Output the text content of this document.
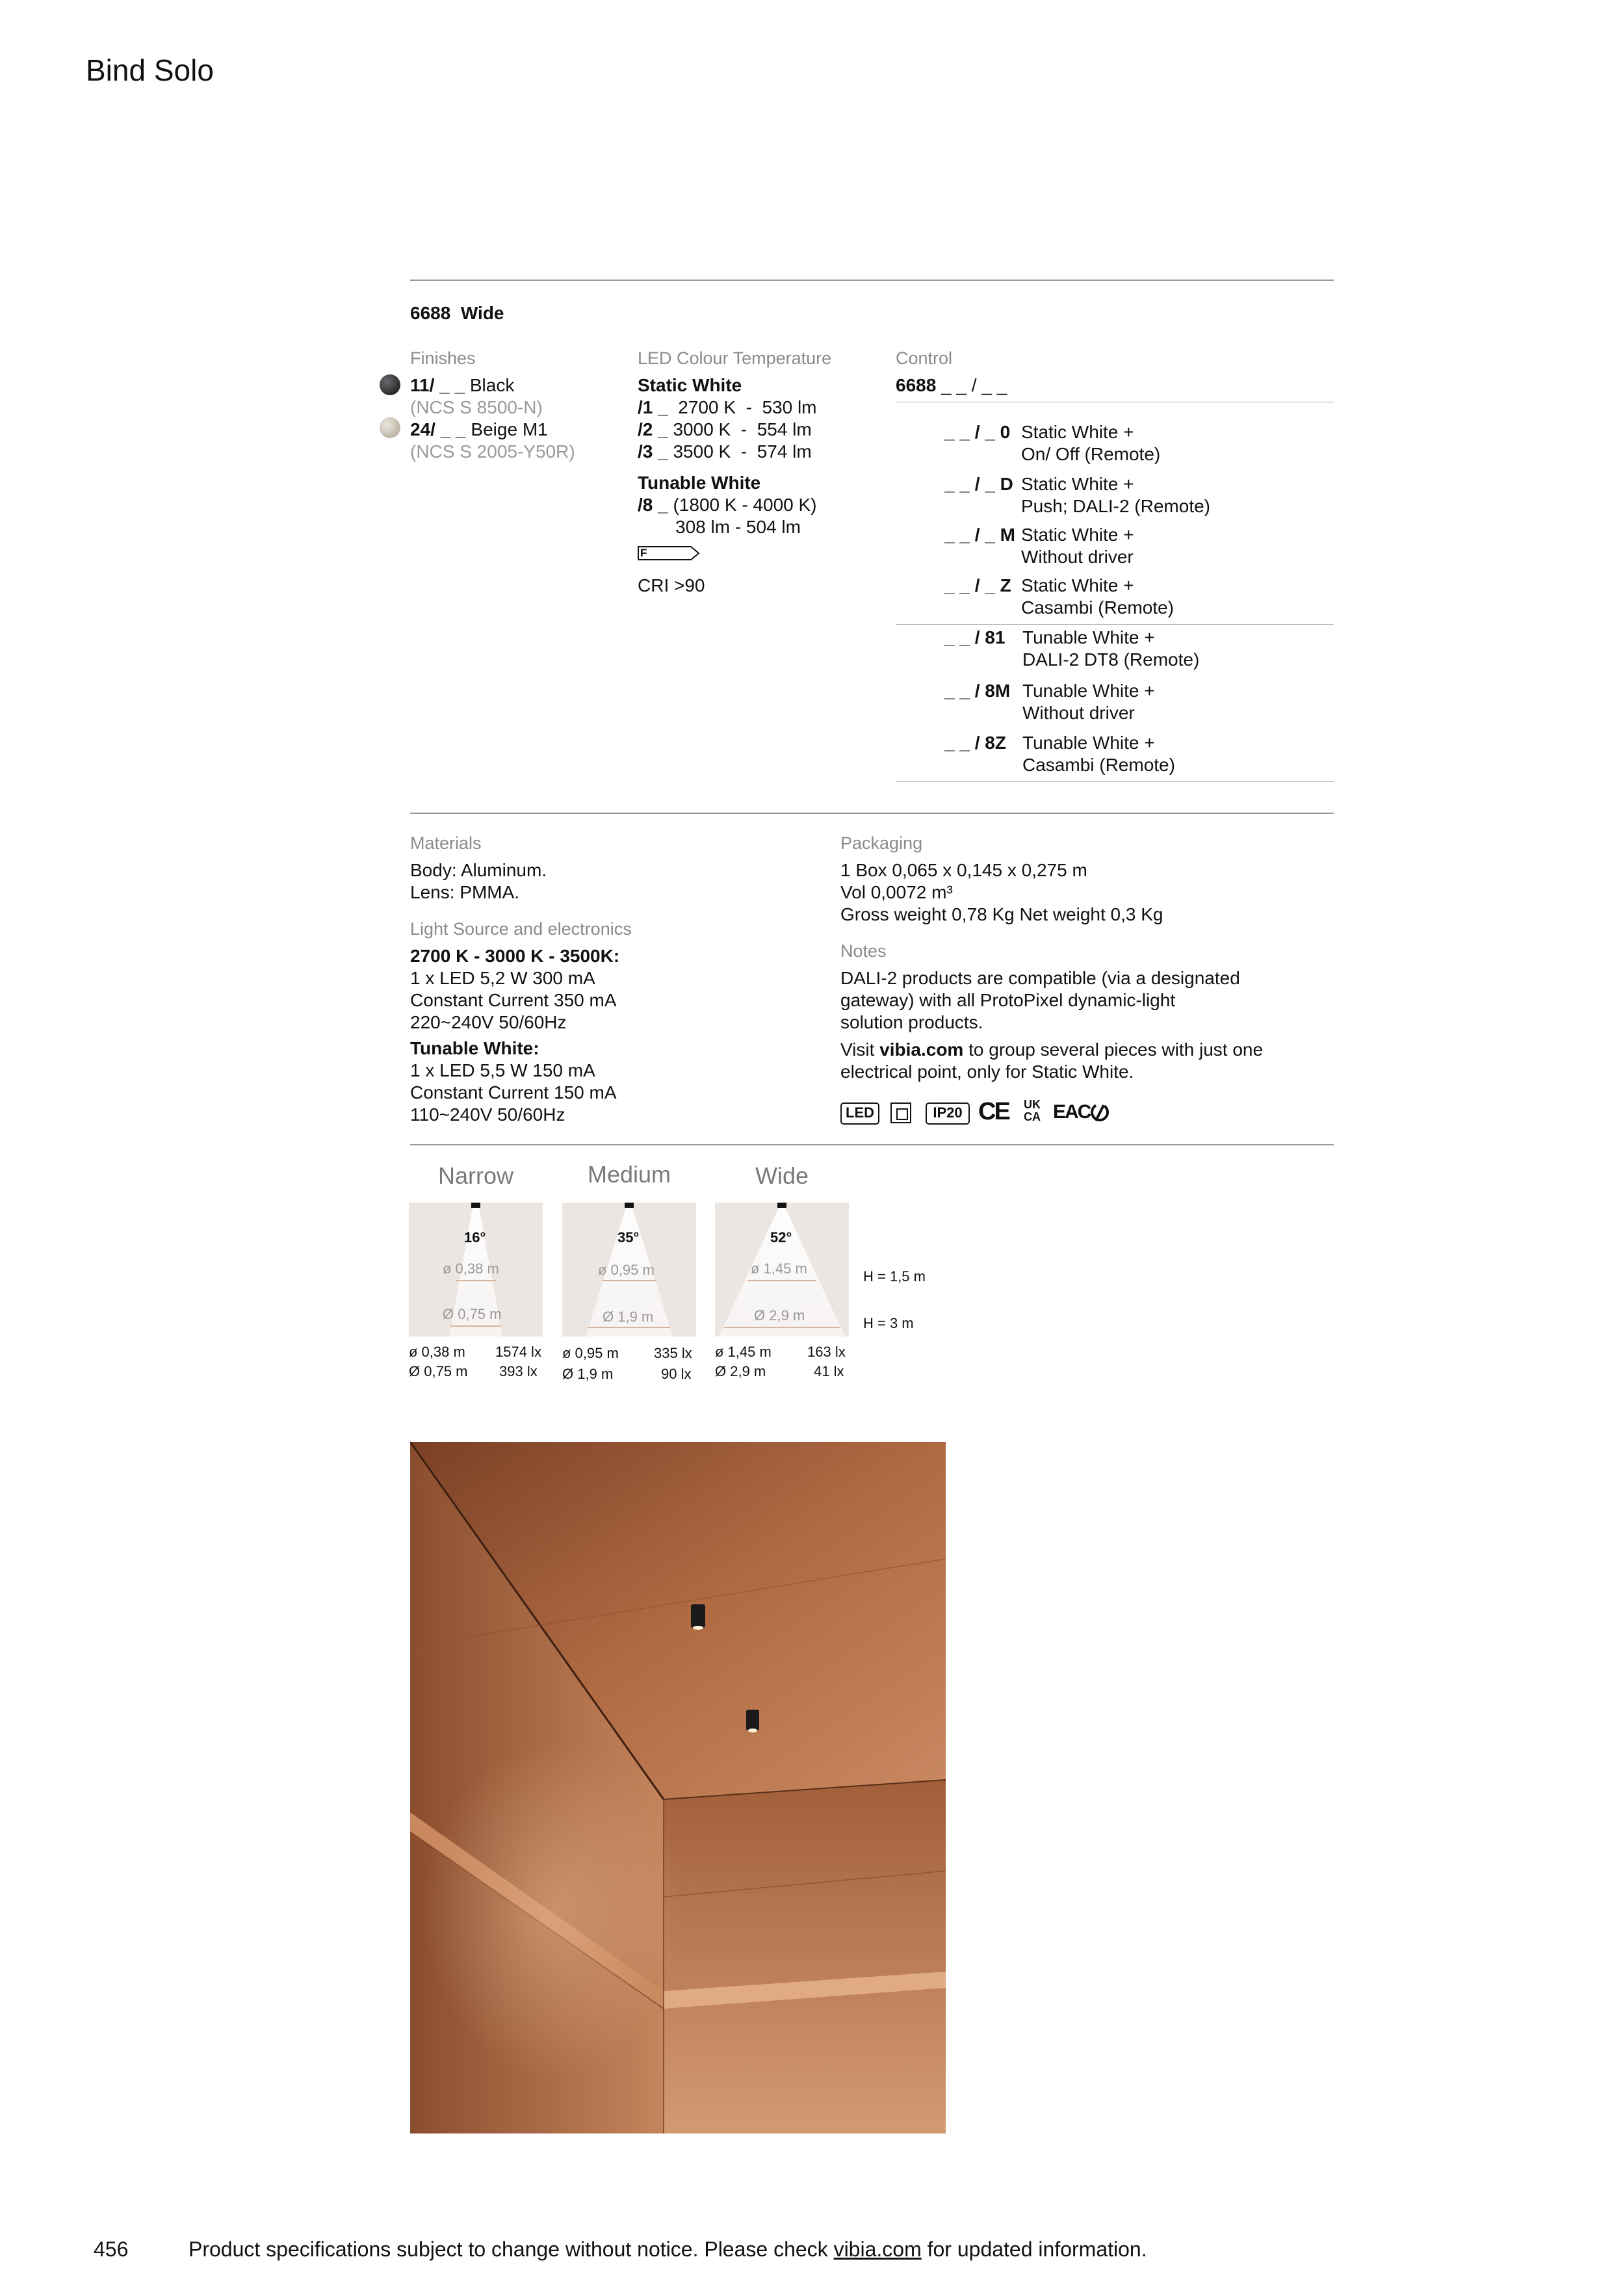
Bind Solo
6688 Wide
Finishes
11/ _ _ Black
(NCS S 8500-N)
24/ _ _ Beige M1
(NCS S 2005-Y50R)
LED Colour Temperature
Static White
/1 _ 2700 K  -  530 lm
/2 _ 3000 K  -  554 lm
/3 _ 3500 K  -  574 lm
Tunable White
/8 _ (1800 K - 4000 K)
308 lm - 504 lm
F
CRI >90
Control
6688 _ _ / _ _
_ _ / _ 0 Static White +
On/ Off (Remote)
_ _ / _ D Static White +
Push; DALI-2 (Remote)
_ _ / _ M Static White +
Without driver
_ _ / _ Z Static White +
Casambi (Remote)
_ _ / 81 Tunable White +
DALI-2 DT8 (Remote)
_ _ / 8M Tunable White +
Without driver
_ _ / 8Z Tunable White +
Casambi (Remote)
Materials
Body: Aluminum.
Lens: PMMA.
Light Source and electronics
2700 K - 3000 K - 3500K:
1 x LED 5,2 W 300 mA
Constant Current 350 mA
220~240V 50/60Hz
Tunable White:
1 x LED 5,5 W 150 mA
Constant Current 150 mA
110~240V 50/60Hz
Packaging
1 Box 0,065 x 0,145 x 0,275 m
Vol 0,0072 m³
Gross weight 0,78 Kg Net weight 0,3 Kg
Notes
DALI-2 products are compatible (via a designated
gateway) with all ProtoPixel dynamic-light
solution products.
Visit vibia.com to group several pieces with just one
electrical point, only for Static White.
LED	IP20 CE	UK
CA EAC
Narrow	Medium	Wide
16°
ø 0,38 m
Ø 0,75 m
35°
ø 0,95 m
Ø 1,9 m
52°
ø 1,45 m
Ø 2,9 m
H = 1,5 m
H = 3 m
ø 0,38 m 1574 lx
Ø 0,75 m 393 lx
ø 0,95 m 335 lx
Ø 1,9 m	90 lx
ø 1,45 m	163 lx
Ø 2,9 m	41 lx
456	Product specifications subject to change without notice. Please check vibia.com for updated information.
